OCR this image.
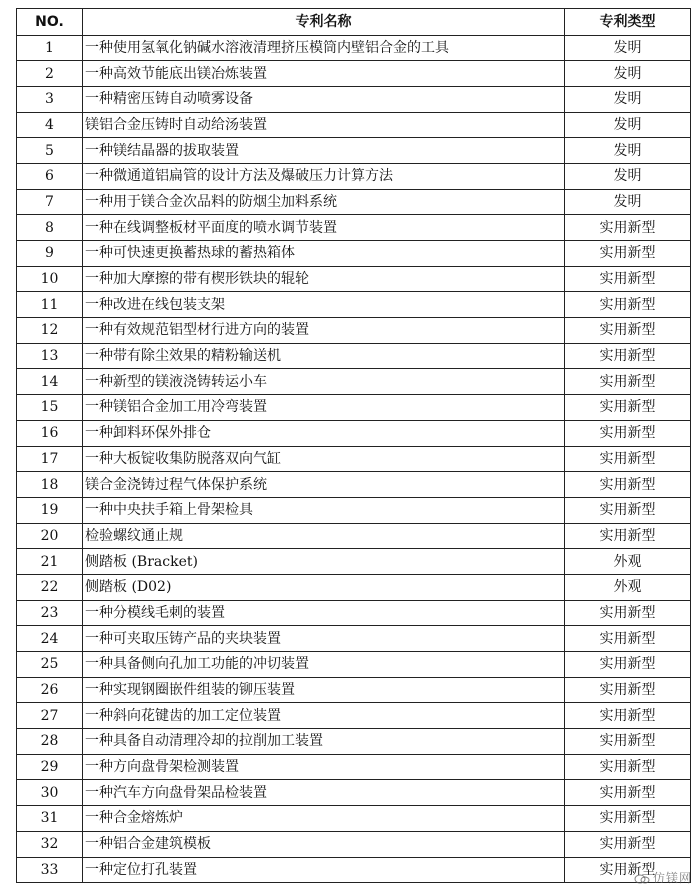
NO.	专利名称	专利类型
1	一种使用氢氧化钠碱水溶液清理挤压模筒内壁铝合金的工具	发明
2	一种高效节能底出镁冶炼装置	发明
3	一种精密压铸自动喷雾设备	发明
4	镁铝合金压铸时自动给汤装置	发明
5	一种镁结晶器的拔取装置	发明
6	一种微通道铝扁管的设计方法及爆破压力计算方法	发明
7	一种用于镁合金次品料的防烟尘加料系统	发明
8	一种在线调整板材平面度的喷水调节装置	实用新型
9	一种可快速更换蓄热球的蓄热箱体	实用新型
10	一种加大摩擦的带有楔形铁块的辊轮	实用新型
11	一种改进在线包装支架	实用新型
12	一种有效规范铝型材行进方向的装置	实用新型
13	一种带有除尘效果的精粉输送机	实用新型
14	一种新型的镁液浇铸转运小车	实用新型
15	一种镁铝合金加工用冷弯装置	实用新型
16	一种卸料环保外排仓	实用新型
17	一种大板锭收集防脱落双向气缸	实用新型
18	镁合金浇铸过程气体保护系统	实用新型
19	一种中央扶手箱上骨架检具	实用新型
20	检验螺纹通止规	实用新型
21	侧踏板 (Bracket)	外观
22	侧踏板 (D02)	外观
23	一种分模线毛刺的装置	实用新型
24	一种可夹取压铸产品的夹块装置	实用新型
25	一种具备侧向孔加工功能的冲切装置	实用新型
26	一种实现钢圈嵌件组装的铆压装置	实用新型
27	一种斜向花键齿的加工定位装置	实用新型
28	一种具备自动清理冷却的拉削加工装置	实用新型
29	一种方向盘骨架检测装置	实用新型
30	一种汽车方向盘骨架品检装置	实用新型
31	一种合金熔炼炉	实用新型
32	一种铝合金建筑模板	实用新型
33	一种定位打孔装置	实用新型
仿镁网
